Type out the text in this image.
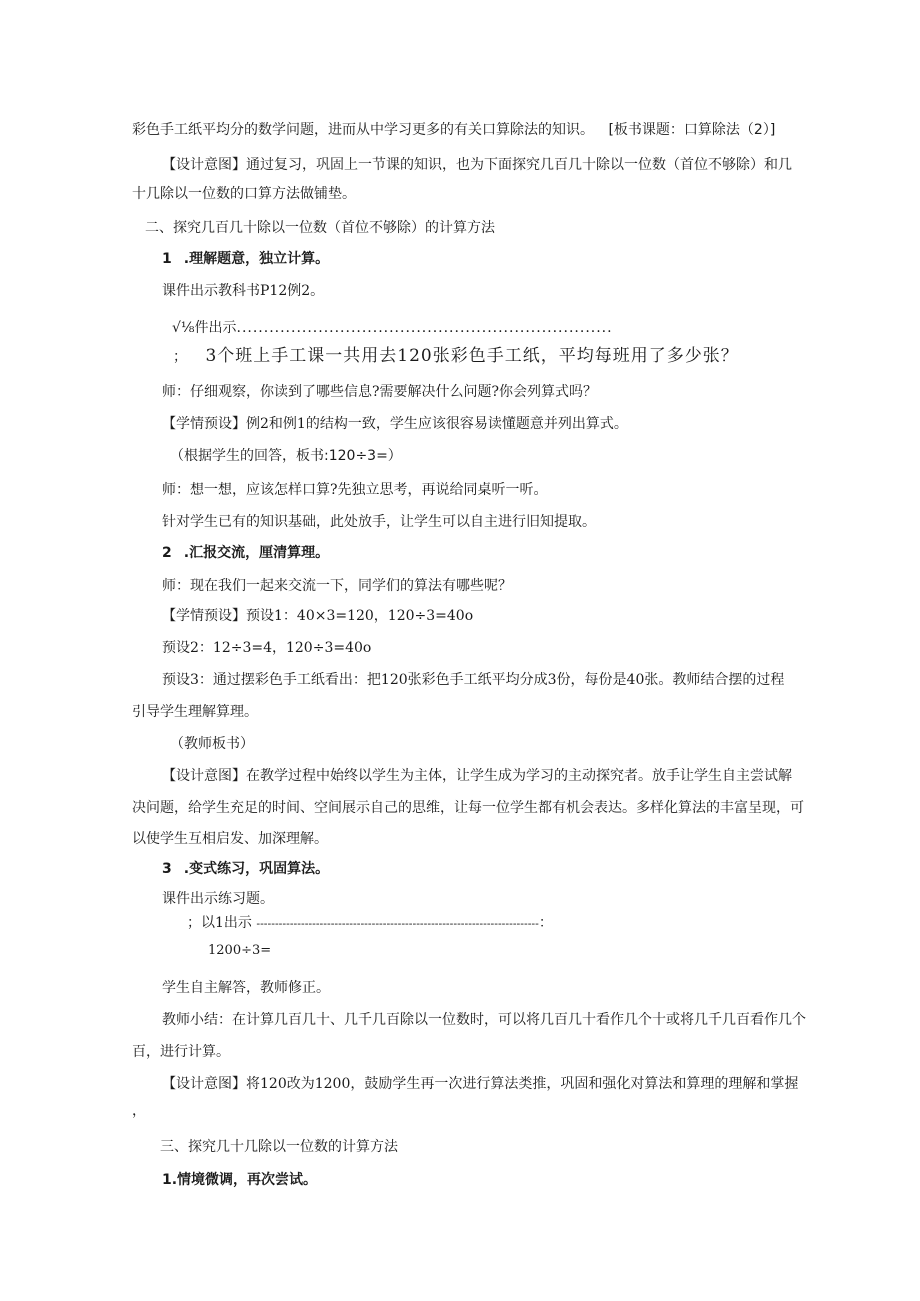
彩色手工纸平均分的数学问题，进而从中学习更多的有关口算除法的知识。 [板书课题：口算除法（2）]
【设计意图】通过复习，巩固上一节课的知识，也为下面探究几百几十除以一位数（首位不够除）和几
十几除以一位数的口算方法做铺垫。
二、探究几百几十除以一位数（首位不够除）的计算方法
1 .理解题意，独立计算。
课件出示教科书P12例2。
√⅛件出示.....................................................................
； 3个班上手工课一共用去120张彩色手工纸，平均每班用了多少张？
师：仔细观察，你读到了哪些信息?需要解决什么问题?你会列算式吗？
【学情预设】例2和例1的结构一致，学生应该很容易读懂题意并列出算式。
（根据学生的回答，板书:120÷3=）
师：想一想，应该怎样口算?先独立思考，再说给同桌听一听。
针对学生已有的知识基础，此处放手，让学生可以自主进行旧知提取。
2 .汇报交流，厘清算理。
师：现在我们一起来交流一下，同学们的算法有哪些呢？
【学情预设】预设1：40×3=120，120÷3=40o
预设2：12÷3=4，120÷3=40o
预设3：通过摆彩色手工纸看出：把120张彩色手工纸平均分成3份，每份是40张。教师结合摆的过程
引导学生理解算理。
（教师板书）
【设计意图】在教学过程中始终以学生为主体，让学生成为学习的主动探究者。放手让学生自主尝试解
决问题，给学生充足的时间、空间展示自己的思维，让每一位学生都有机会表达。多样化算法的丰富呈现，可
以使学生互相启发、加深理解。
3 .变式练习，巩固算法。
课件出示练习题。
；以1出示 ----------------------------------------------------------------------------：
1200÷3=
学生自主解答，教师修正。
教师小结：在计算几百几十、几千几百除以一位数时，可以将几百几十看作几个十或将几千几百看作几个
百，进行计算。
【设计意图】将120改为1200，鼓励学生再一次进行算法类推，巩固和强化对算法和算理的理解和掌握
，
三、探究几十几除以一位数的计算方法
1.情境微调，再次尝试。
